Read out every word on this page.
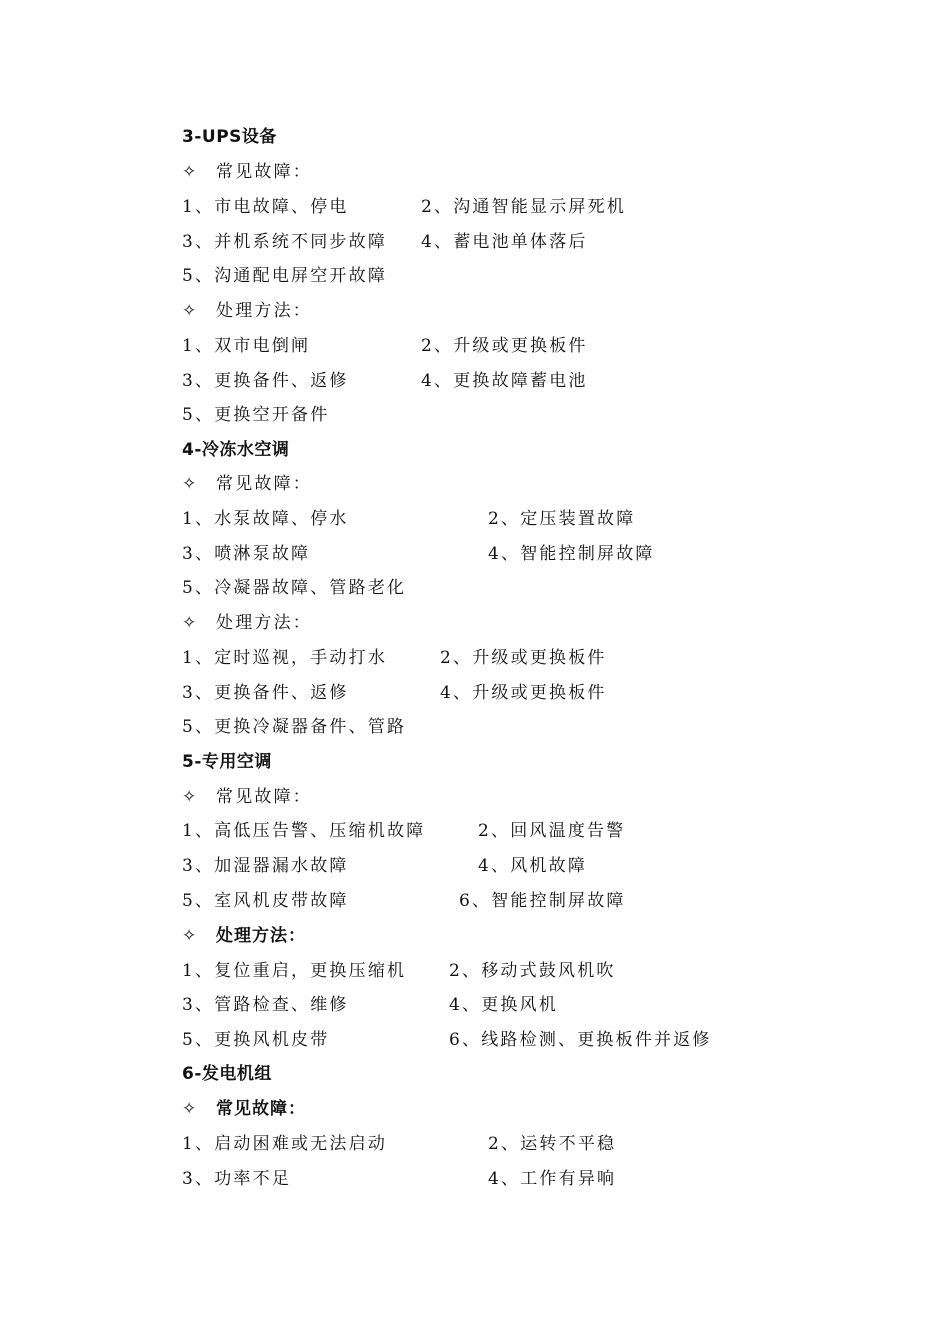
3-UPS设备
✧ 常见故障：
1、市电故障、停电	2、沟通智能显示屏死机
3、并机系统不同步故障 4、蓄电池单体落后
5、沟通配电屏空开故障
✧ 处理方法：
1、双市电倒闸	2、升级或更换板件
3、更换备件、返修	4、更换故障蓄电池
5、更换空开备件
4-冷冻水空调
✧ 常见故障：
1、水泵故障、停水	2、定压装置故障
3、喷淋泵故障	4、智能控制屏故障
5、冷凝器故障、管路老化
✧ 处理方法：
1、定时巡视，手动打水	2、升级或更换板件
3、更换备件、返修	4、升级或更换板件
5、更换冷凝器备件、管路
5-专用空调
✧ 常见故障：
1、高低压告警、压缩机故障	2、回风温度告警
3、加湿器漏水故障	4、风机故障
5、室风机皮带故障	6、智能控制屏故障
✧ 处理方法：
1、复位重启，更换压缩机	2、移动式鼓风机吹
3、管路检查、维修	4、更换风机
5、更换风机皮带	6、线路检测、更换板件并返修
6-发电机组
✧ 常见故障：
1、启动困难或无法启动	2、运转不平稳
3、功率不足	4、工作有异响
